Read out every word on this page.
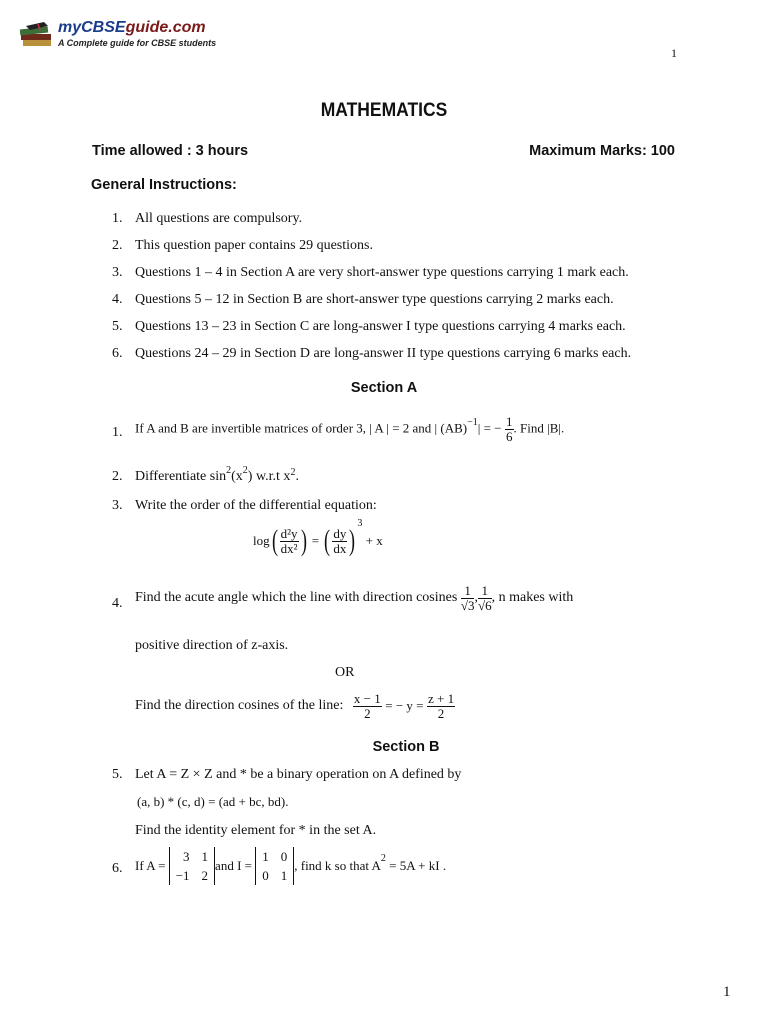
myCBSEguide.com
A Complete guide for CBSE students
1
MATHEMATICS
Time allowed : 3 hours	Maximum Marks: 100
General Instructions:
1. All questions are compulsory.
2. This question paper contains 29 questions.
3. Questions 1 – 4 in Section A are very short-answer type questions carrying 1 mark each.
4. Questions 5 – 12 in Section B are short-answer type questions carrying 2 marks each.
5. Questions 13 – 23 in Section C are long-answer I type questions carrying 4 marks each.
6. Questions 24 – 29 in Section D are long-answer II type questions carrying 6 marks each.
Section A
1. If A and B are invertible matrices of order 3, | A | = 2 and | (AB)$^{-1}$| = − $\frac{1}{6}$ . Find |B|.
2. Differentiate $\sin^2(x^2)$ w.r.t $x^2$.
3. Write the order of the differential equation:
$\log( \frac{\text{d²y}}{\text{dx²}}$ ) = ( $\frac{dy}{dx} )^3 + x$
4. Find the acute angle which the line with direction cosines $\frac{1}{√3}$ , $\frac{1}{√6}$ , n makes with
positive direction of z-axis.
OR
Find the direction cosines of the line: $\frac{x - 1}{2}$ = − $y = \frac{z + 1}{2}$
Section B
5. Let A = Z × Z and * be a binary operation on A defined by
(a, b) * (c, d) = (ad + bc, bd).
Find the identity element for * in the set A.
6. If A = 3	1
−1	2and I = 1	0
0	1, find k so that $A^2 = 5A$ + kI .
1
